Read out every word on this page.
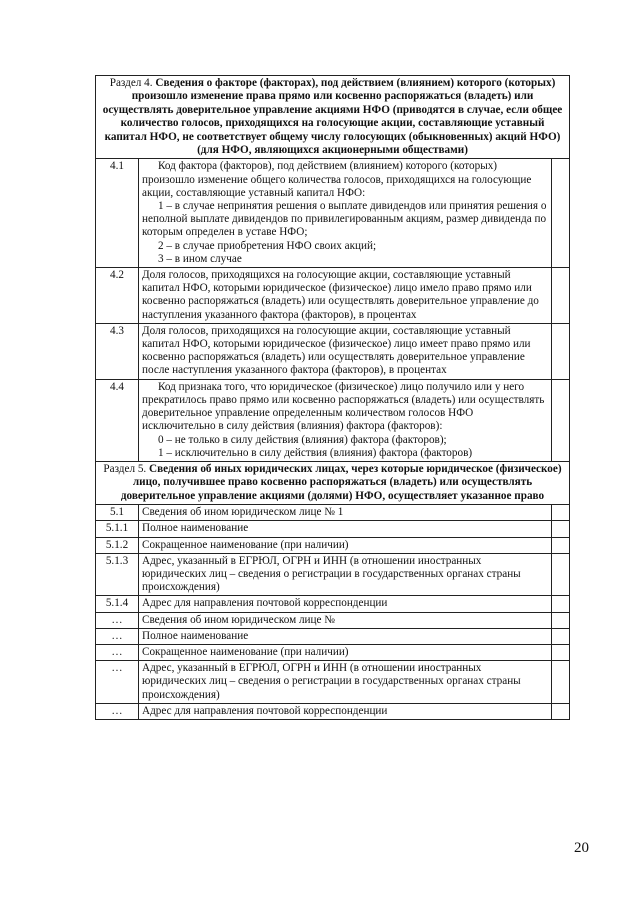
Раздел 4. Сведения о факторе (факторах), под действием (влиянием) которого (которых) произошло изменение права прямо или косвенно распоряжаться (владеть) или осуществлять доверительное управление акциями НФО (приводятся в случае, если общее количество голосов, приходящихся на голосующие акции, составляющие уставный капитал НФО, не соответствует общему числу голосующих (обыкновенных) акций НФО) (для НФО, являющихся акционерными обществами)		
4.1	Код фактора (факторов), под действием (влиянием) которого (которых) произошло изменение общего количества голосов, приходящихся на голосующие акции, составляющие уставный капитал НФО:
1 – в случае непринятия решения о выплате дивидендов или принятия решения о неполной выплате дивидендов по привилегированным акциям, размер дивиденда по которым определен в уставе НФО;
2 – в случае приобретения НФО своих акций;
3 – в ином случае	

4.2	Доля голосов, приходящихся на голосующие акции, составляющие уставный капитал НФО, которыми юридическое (физическое) лицо имело право прямо или косвенно распоряжаться (владеть) или осуществлять доверительное управление до наступления указанного фактора (факторов), в процентах	
4.3	Доля голосов, приходящихся на голосующие акции, составляющие уставный капитал НФО, которыми юридическое (физическое) лицо имеет право прямо или косвенно распоряжаться (владеть) или осуществлять доверительное управление после наступления указанного фактора (факторов), в процентах	
4.4	Код признака того, что юридическое (физическое) лицо получило или у него прекратилось право прямо или косвенно распоряжаться (владеть) или осуществлять доверительное управление определенным количеством голосов НФО исключительно в силу действия (влияния) фактора (факторов):
0 – не только в силу действия (влияния) фактора (факторов);
1 – исключительно в силу действия (влияния) фактора (факторов)	

Раздел 5. Сведения об иных юридических лицах, через которые юридическое (физическое) лицо, получившее право косвенно распоряжаться (владеть) или осуществлять доверительное управление акциями (долями) НФО, осуществляет указанное право		
5.1	Сведения об ином юридическом лице № 1	
5.1.1	Полное наименование	
5.1.2	Сокращенное наименование (при наличии)	
5.1.3	Адрес, указанный в ЕГРЮЛ, ОГРН и ИНН (в отношении иностранных юридических лиц – сведения о регистрации в государственных органах страны происхождения)	
5.1.4	Адрес для направления почтовой корреспонденции	
…	Сведения об ином юридическом лице №	
…	Полное наименование	
…	Сокращенное наименование (при наличии)	
…	Адрес, указанный в ЕГРЮЛ, ОГРН и ИНН (в отношении иностранных юридических лиц – сведения о регистрации в государственных органах страны происхождения)	
…	Адрес для направления почтовой корреспонденции	
20
